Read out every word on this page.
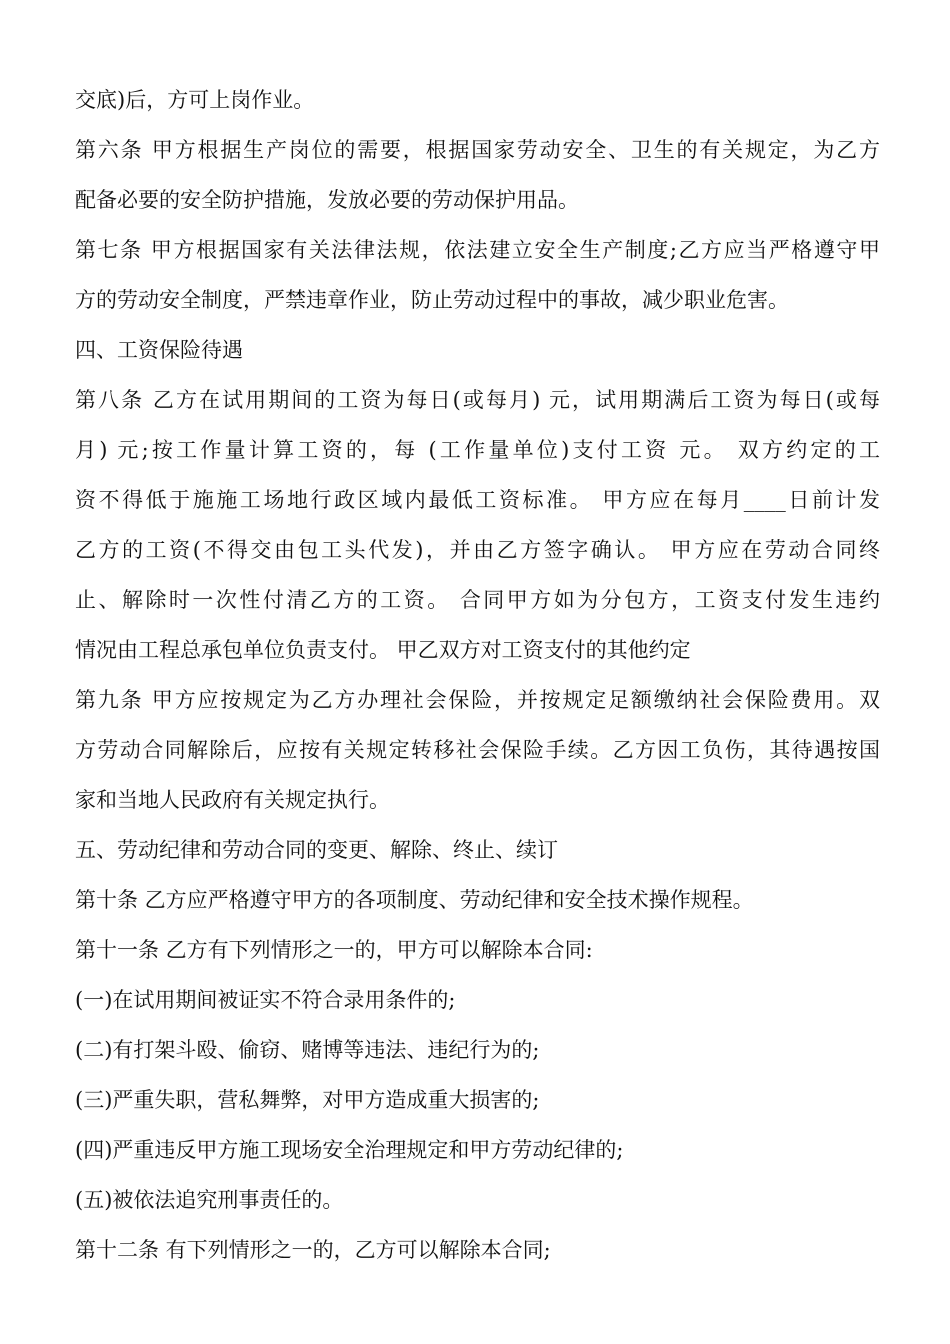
交底)后，方可上岗作业。
第六条 甲方根据生产岗位的需要，根据国家劳动安全、卫生的有关规定，为乙方
配备必要的安全防护措施，发放必要的劳动保护用品。
第七条 甲方根据国家有关法律法规，依法建立安全生产制度;乙方应当严格遵守甲
方的劳动安全制度，严禁违章作业，防止劳动过程中的事故，减少职业危害。
四、工资保险待遇
第八条 乙方在试用期间的工资为每日(或每月) 元，试用期满后工资为每日(或每
月) 元;按工作量计算工资的，每 (工作量单位)支付工资 元。 双方约定的工
资不得低于施施工场地行政区域内最低工资标准。 甲方应在每月____日前计发
乙方的工资(不得交由包工头代发)，并由乙方签字确认。 甲方应在劳动合同终
止、解除时一次性付清乙方的工资。 合同甲方如为分包方，工资支付发生违约
情况由工程总承包单位负责支付。 甲乙双方对工资支付的其他约定
第九条 甲方应按规定为乙方办理社会保险，并按规定足额缴纳社会保险费用。双
方劳动合同解除后，应按有关规定转移社会保险手续。乙方因工负伤，其待遇按国
家和当地人民政府有关规定执行。
五、劳动纪律和劳动合同的变更、解除、终止、续订
第十条 乙方应严格遵守甲方的各项制度、劳动纪律和安全技术操作规程。
第十一条 乙方有下列情形之一的，甲方可以解除本合同:
(一)在试用期间被证实不符合录用条件的;
(二)有打架斗殴、偷窃、赌博等违法、违纪行为的;
(三)严重失职，营私舞弊，对甲方造成重大损害的;
(四)严重违反甲方施工现场安全治理规定和甲方劳动纪律的;
(五)被依法追究刑事责任的。
第十二条 有下列情形之一的，乙方可以解除本合同;
